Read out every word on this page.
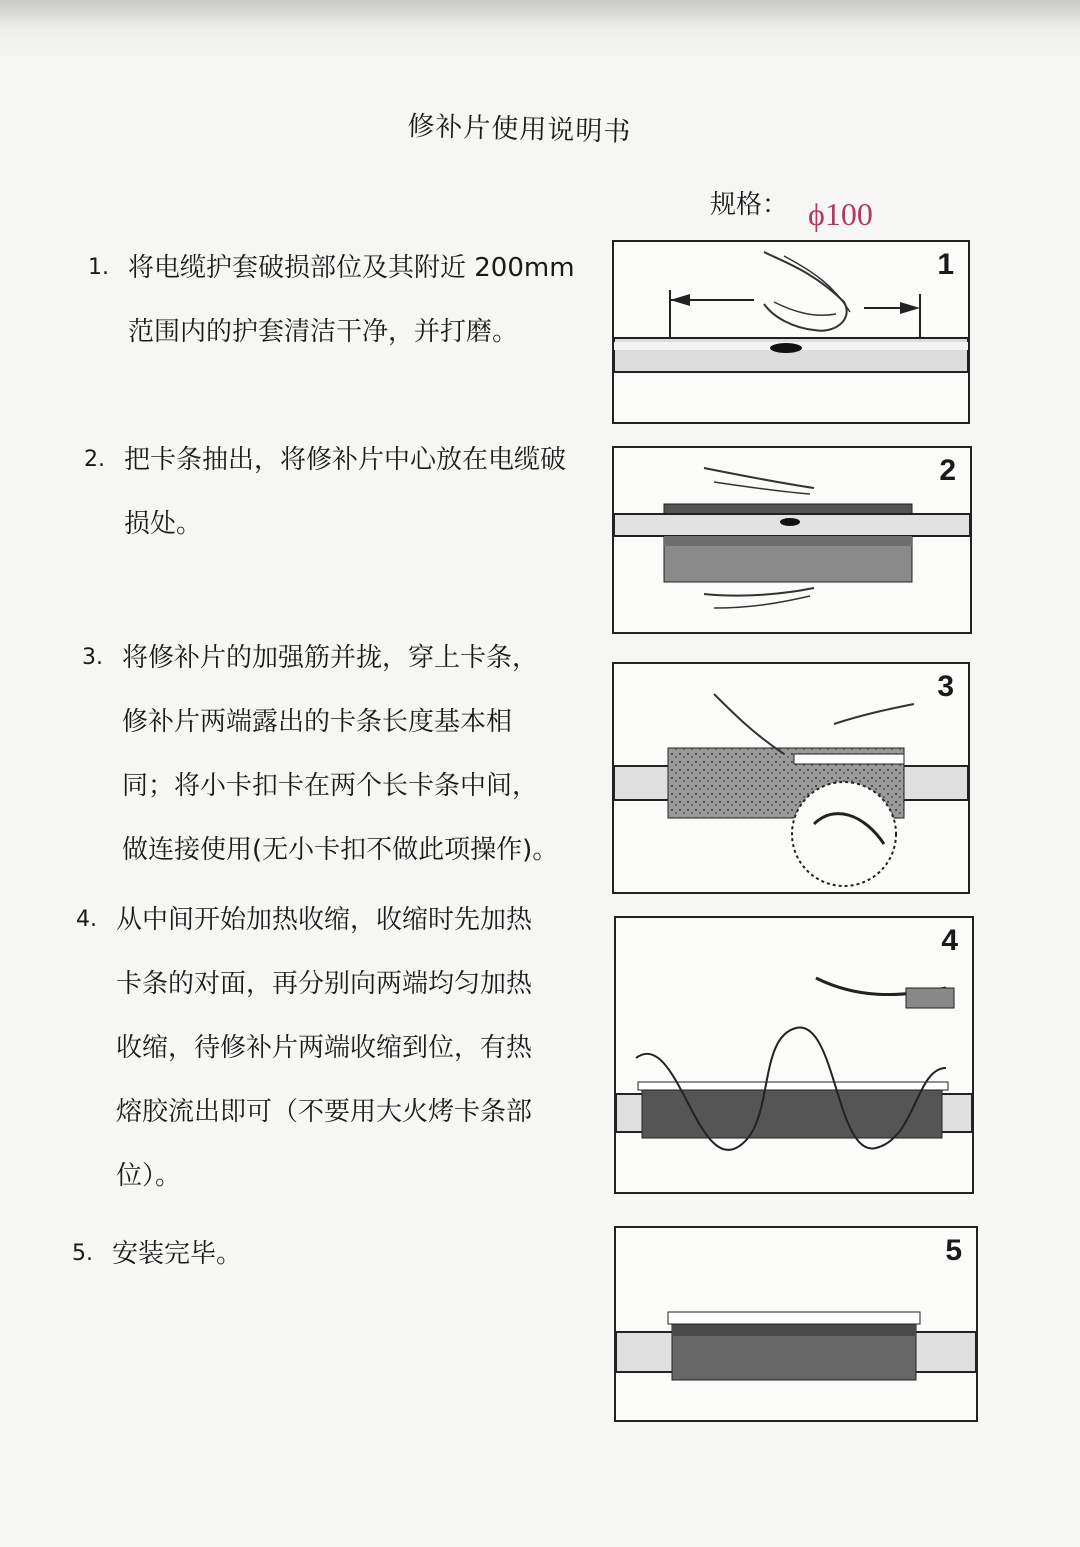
修补片使用说明书
规格： ϕ100
1. 将电缆护套破损部位及其附近 200mm
范围内的护套清洁干净，并打磨。
2. 把卡条抽出，将修补片中心放在电缆破
损处。
3. 将修补片的加强筋并拢，穿上卡条，
修补片两端露出的卡条长度基本相
同；将小卡扣卡在两个长卡条中间，
做连接使用(无小卡扣不做此项操作)。
4. 从中间开始加热收缩，收缩时先加热
卡条的对面，再分别向两端均匀加热
收缩，待修补片两端收缩到位，有热
熔胶流出即可（不要用大火烤卡条部
位）。
5. 安装完毕。
1
2
3
4
5
